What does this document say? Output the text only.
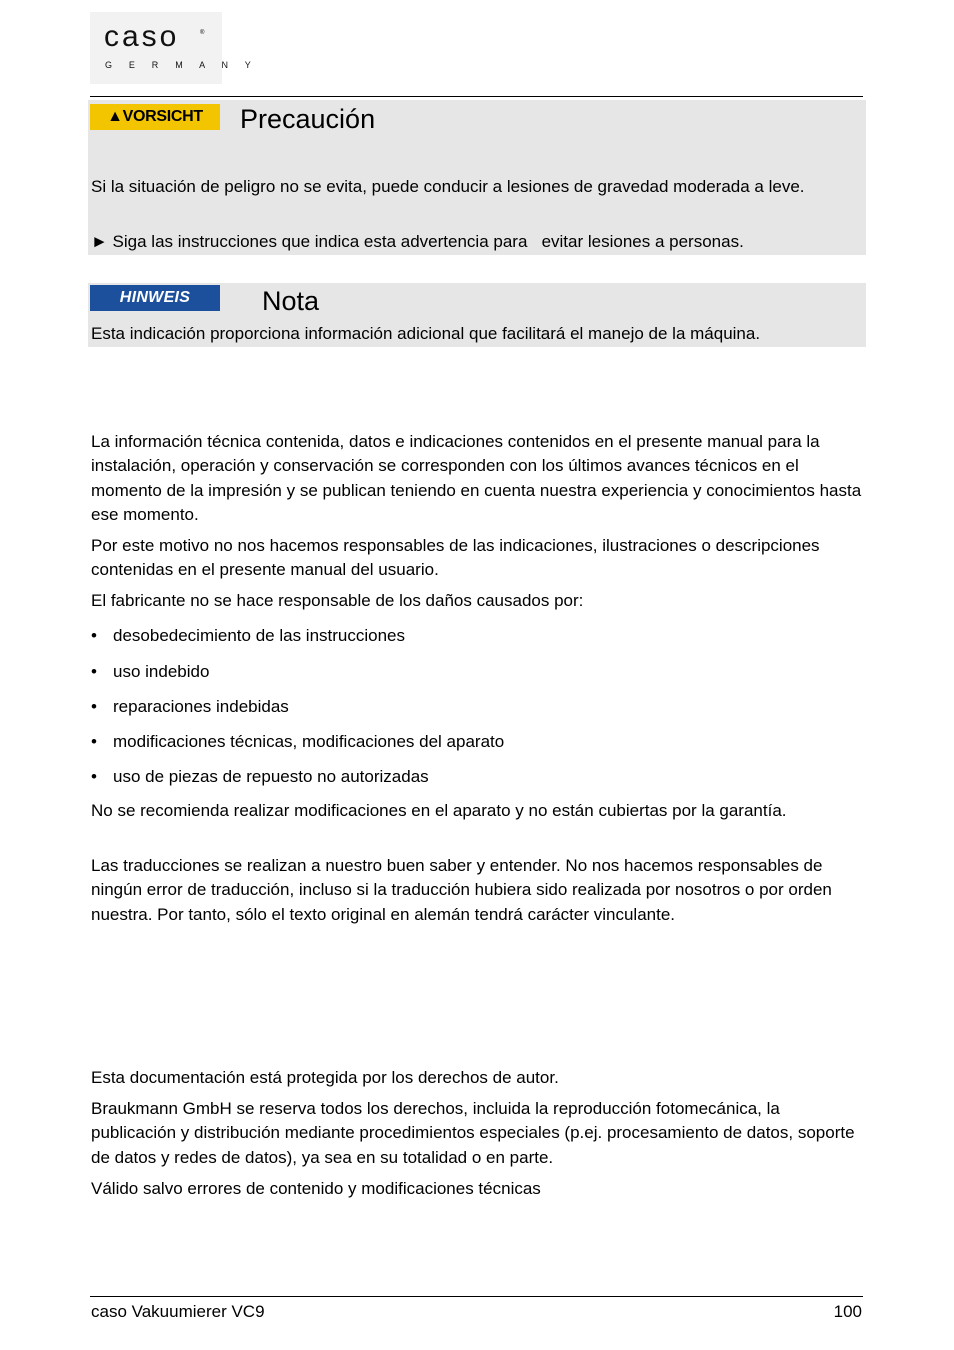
caso	®
G E R M A N Y
▲VORSICHT	Precaución

Si la situación de peligro no se evita, puede conducir a lesiones de gravedad moderada a leve.

► Siga las instrucciones que indica esta advertencia para   evitar lesiones a personas.

HINWEIS	Nota

Esta indicación proporciona información adicional que facilitará el manejo de la máquina.

La información técnica contenida, datos e indicaciones contenidos en el presente manual para la instalación, operación y conservación se corresponden con los últimos avances técnicos en el momento de la impresión y se publican teniendo en cuenta nuestra experiencia y conocimientos hasta ese momento.

Por este motivo no nos hacemos responsables de las indicaciones, ilustraciones o descripciones contenidas en el presente manual del usuario.

El fabricante no se hace responsable de los daños causados por:

• desobedecimiento de las instrucciones
• uso indebido
• reparaciones indebidas
• modificaciones técnicas, modificaciones del aparato
• uso de piezas de repuesto no autorizadas

No se recomienda realizar modificaciones en el aparato y no están cubiertas por la garantía.

Las traducciones se realizan a nuestro buen saber y entender. No nos hacemos responsables de ningún error de traducción, incluso si la traducción hubiera sido realizada por nosotros o por orden nuestra. Por tanto, sólo el texto original en alemán tendrá carácter vinculante.

Esta documentación está protegida por los derechos de autor.

Braukmann GmbH se reserva todos los derechos, incluida la reproducción fotomecánica, la publicación y distribución mediante procedimientos especiales (p.ej. procesamiento de datos, soporte de datos y redes de datos), ya sea en su totalidad o en parte.

Válido salvo errores de contenido y modificaciones técnicas

caso Vakuumierer VC9	100
